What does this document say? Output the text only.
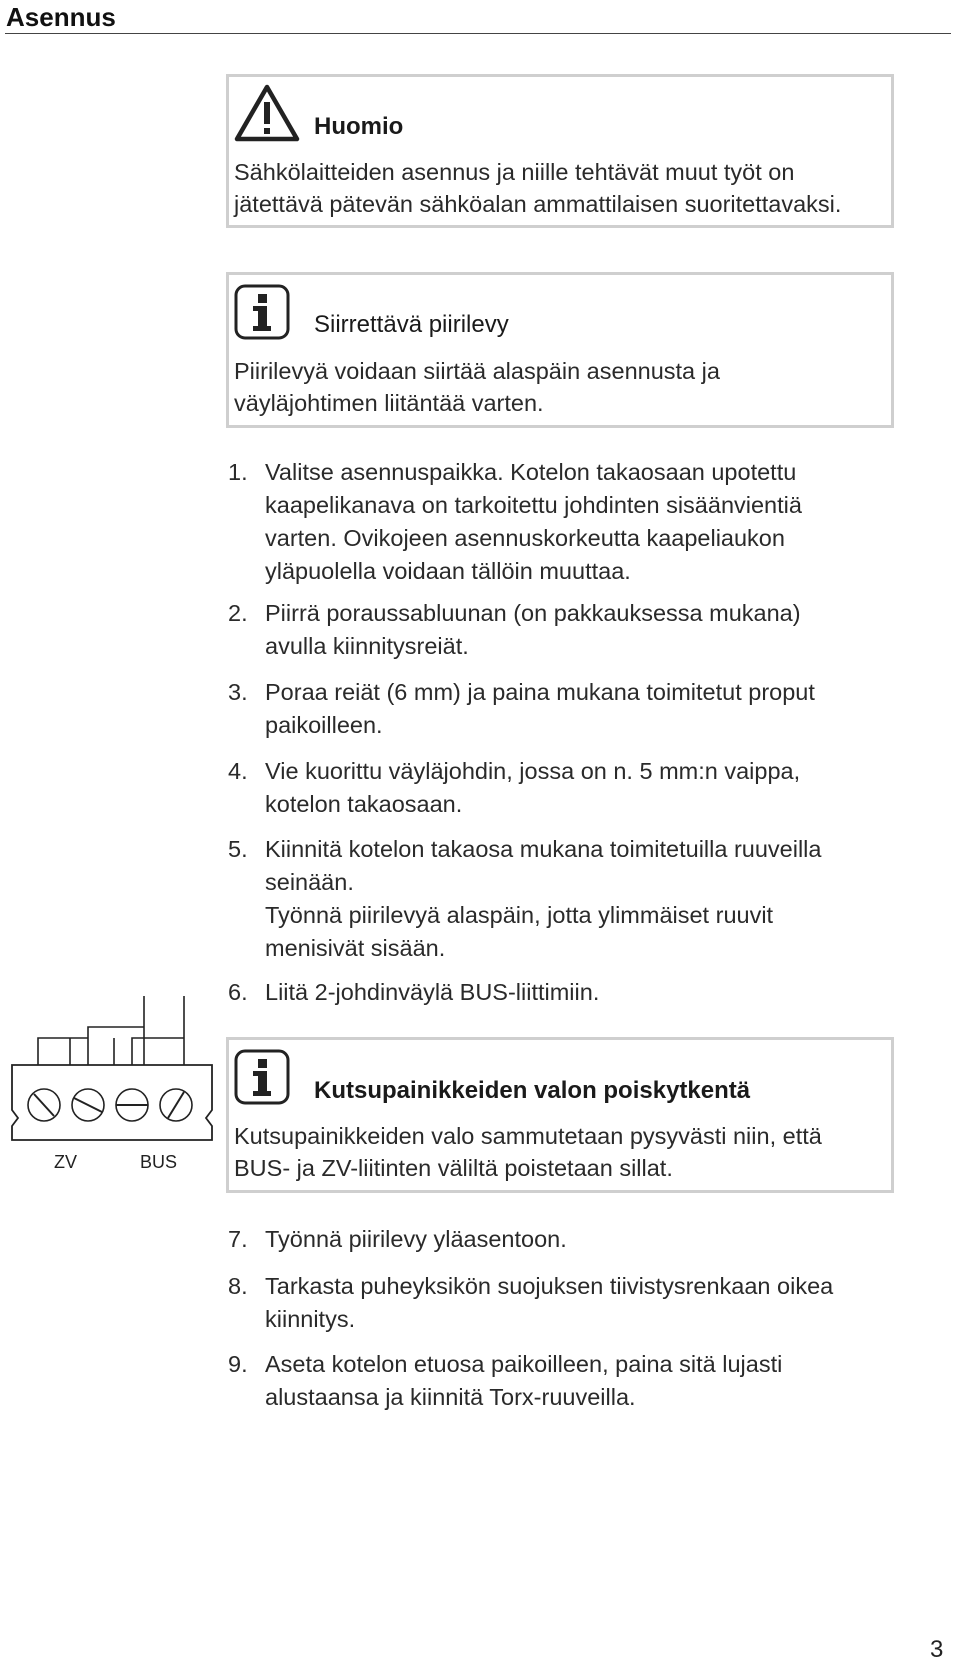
Asennus
Huomio
Sähkölaitteiden asennus ja niille tehtävät muut työt on
jätettävä pätevän sähköalan ammattilaisen suoritettavaksi.
Siirrettävä piirilevy
Piirilevyä voidaan siirtää alaspäin asennusta ja
väyläjohtimen liitäntää varten.
1. Valitse asennuspaikka. Kotelon takaosaan upotettu
kaapelikanava on tarkoitettu johdinten sisäänvientiä
varten. Ovikojeen asennuskorkeutta kaapeliaukon
yläpuolella voidaan tällöin muuttaa.
2. Piirrä poraussabluunan (on pakkauksessa mukana)
avulla kiinnitysreiät.
3. Poraa reiät (6 mm) ja paina mukana toimitetut proput
paikoilleen.
4. Vie kuorittu väyläjohdin, jossa on n. 5 mm:n vaippa,
kotelon takaosaan.
5. Kiinnitä kotelon takaosa mukana toimitetuilla ruuveilla
seinään.
Työnnä piirilevyä alaspäin, jotta ylimmäiset ruuvit
menisivät sisään.
6. Liitä 2-johdinväylä BUS-liittimiin.
ZV	BUS
Kutsupainikkeiden valon poiskytkentä
Kutsupainikkeiden valo sammutetaan pysyvästi niin, että
BUS- ja ZV-liitinten väliltä poistetaan sillat.
7. Työnnä piirilevy yläasentoon.
8. Tarkasta puheyksikön suojuksen tiivistysrenkaan oikea
kiinnitys.
9. Aseta kotelon etuosa paikoilleen, paina sitä lujasti
alustaansa ja kiinnitä Torx-ruuveilla.
3
